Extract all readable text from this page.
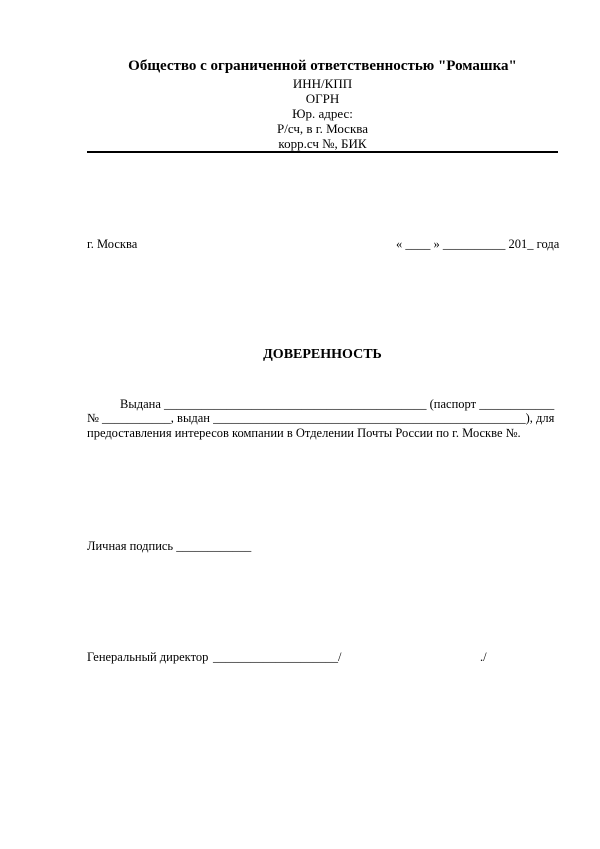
Общество с ограниченной ответственностью "Ромашка"
ИНН/КПП
ОГРН
Юр. адрес:
Р/сч, в г. Москва
корр.сч №, БИК
г. Москва	« ____ » __________ 201_ года
ДОВЕРЕННОСТЬ
Выдана __________________________________________ (паспорт ____________
№ ___________, выдан __________________________________________________), для
предоставления интересов компании в Отделении Почты России по г. Москве №.
Личная подпись ____________
Генеральный директор ____________________/	./
